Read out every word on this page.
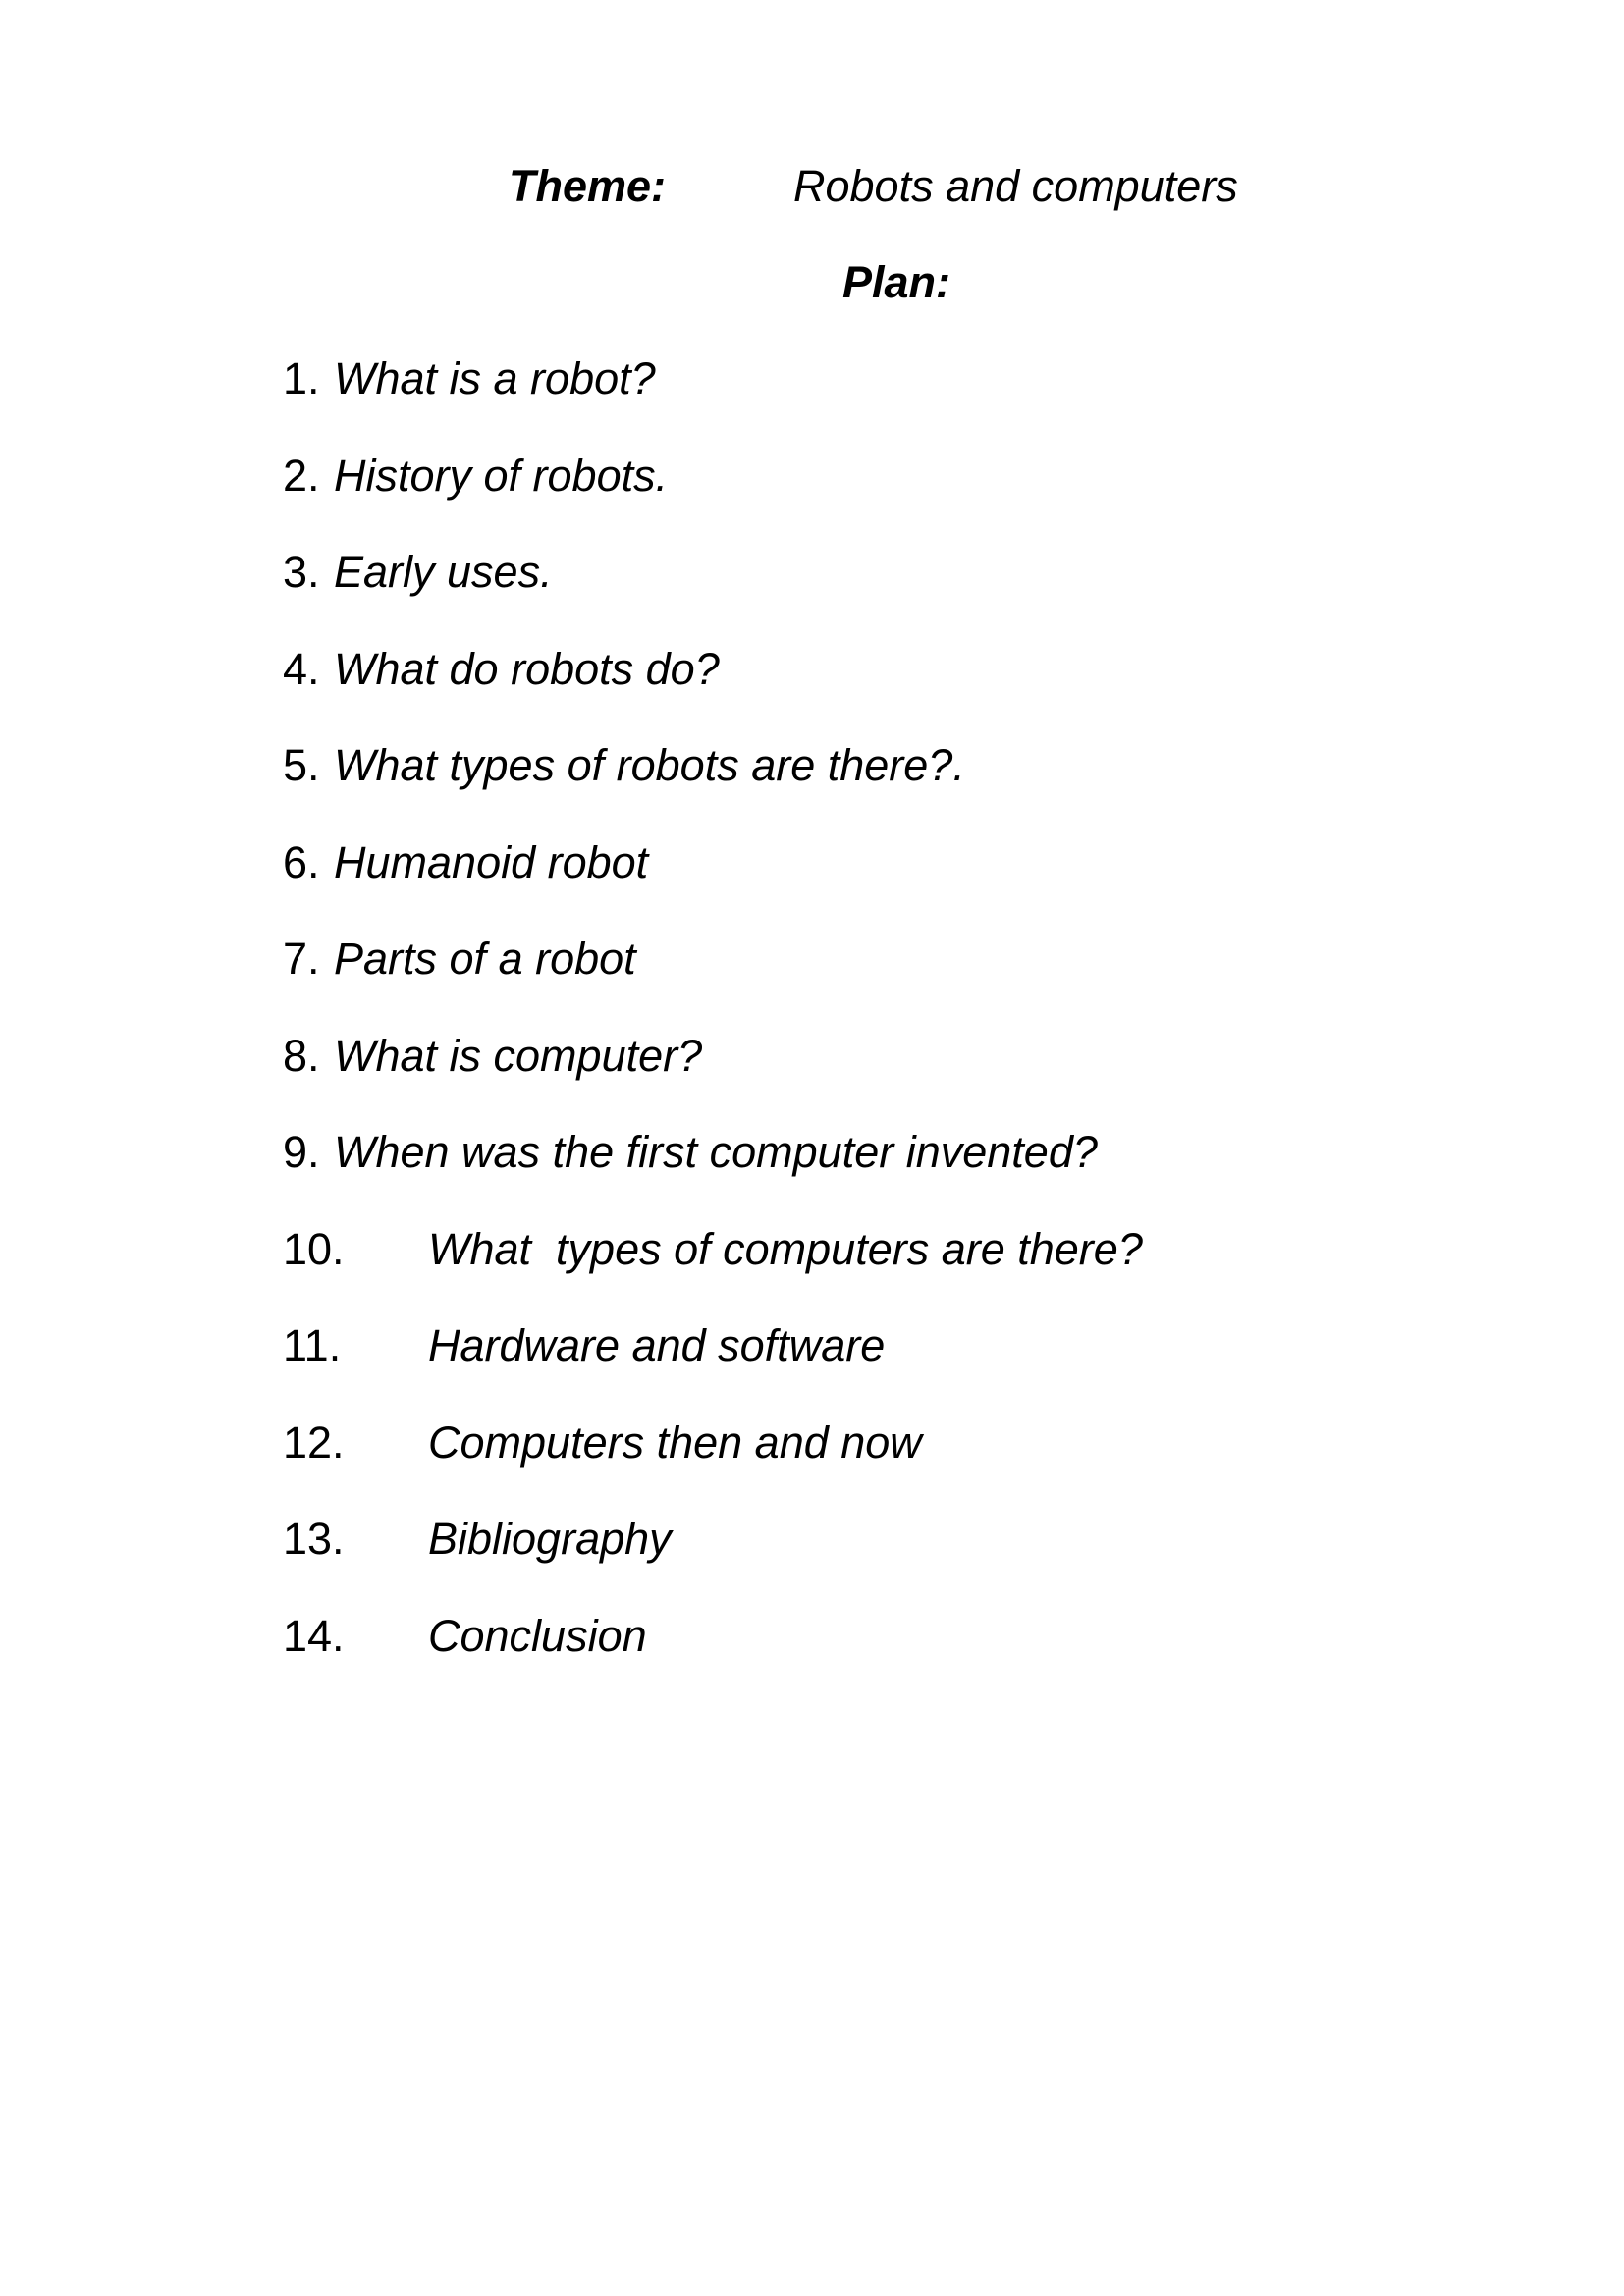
Theme:	Robots and computers
Plan:
1. What is a robot?
2. History of robots.
3. Early uses.
4. What do robots do?
5. What types of robots are there?.
6. Humanoid robot
7. Parts of a robot
8. What is computer?
9. When was the first computer invented?
10.	What  types of computers are there?
11.	Hardware and software
12.	Computers then and now
13.	Bibliography
14.	Conclusion
